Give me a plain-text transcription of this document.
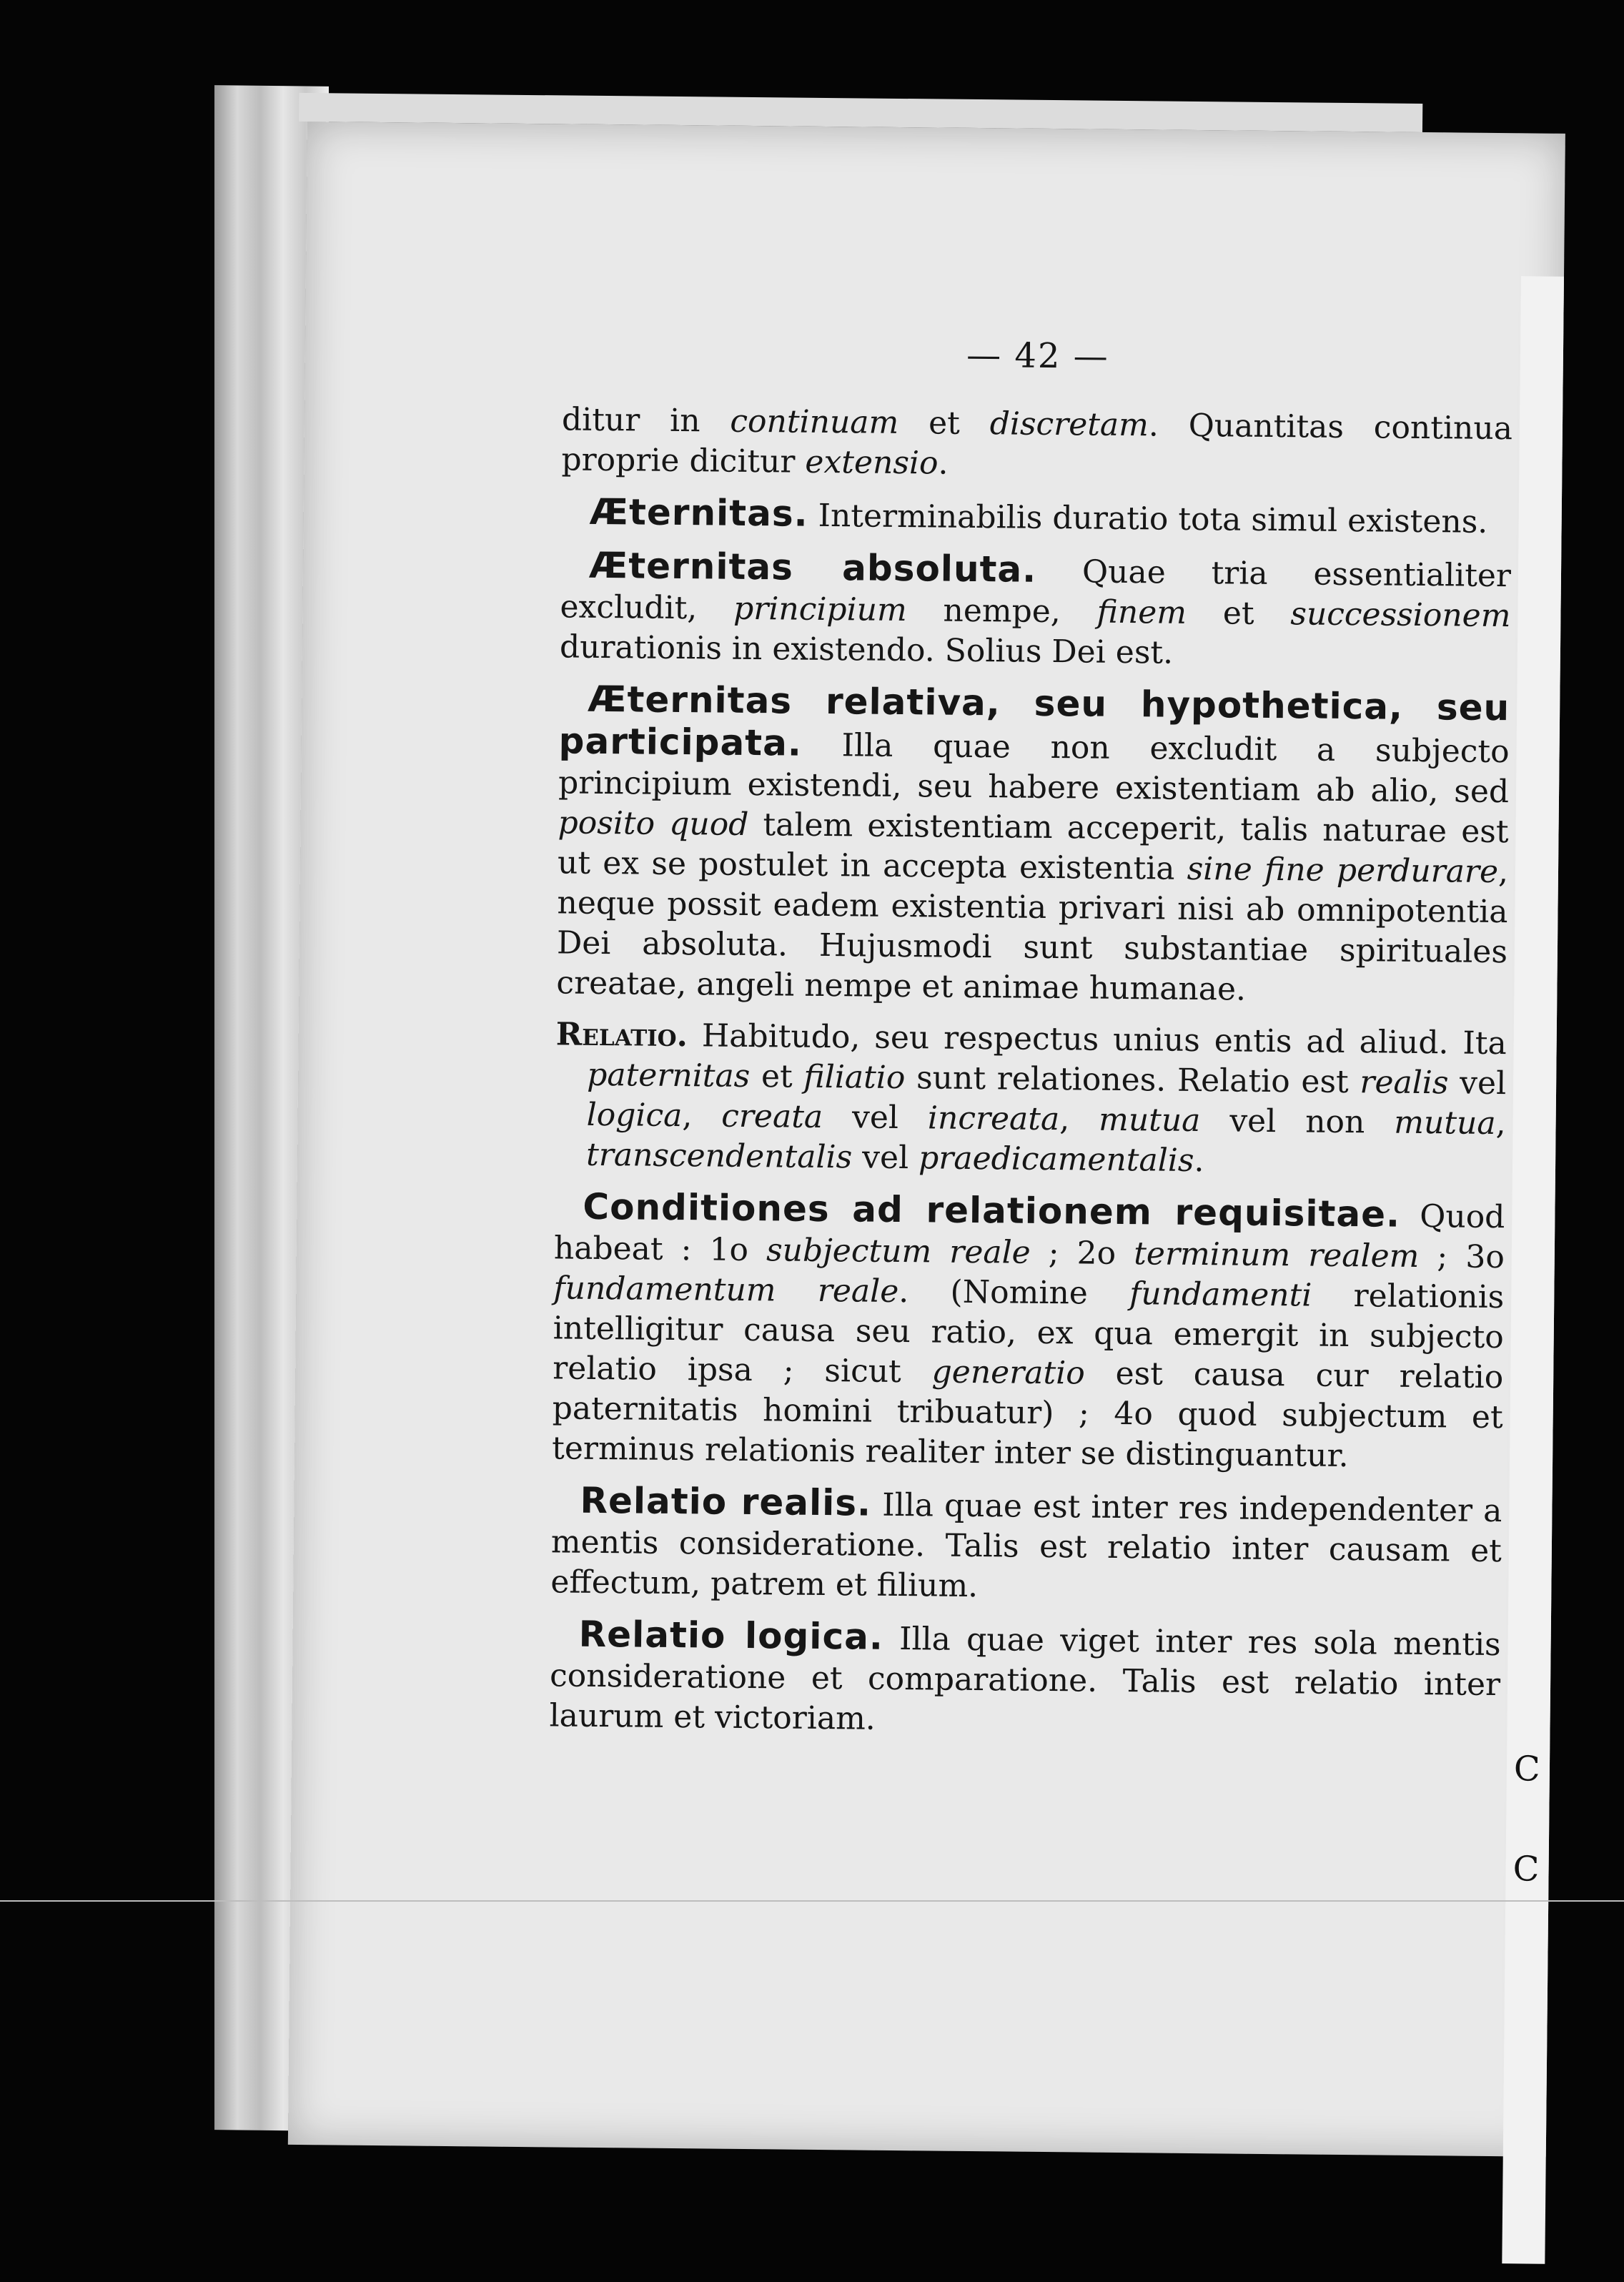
C
C
— 42 —

ditur in continuam et discretam. Quantitas continua proprie dicitur extensio.

Æternitas. Interminabilis duratio tota simul existens.

Æternitas absoluta. Quae tria essentialiter excludit, principium nempe, finem et successionem durationis in existendo. Solius Dei est.

Æternitas relativa, seu hypothetica, seu participata. Illa quae non excludit a subjecto principium existendi, seu habere existentiam ab alio, sed posito quod talem existentiam acceperit, talis naturae est ut ex se postulet in accepta existentia sine fine perdurare, neque possit eadem existentia privari nisi ab omnipotentia Dei absoluta. Hujusmodi sunt substantiae spirituales creatae, angeli nempe et animae humanae.

Relatio. Habitudo, seu respectus unius entis ad aliud. Ita paternitas et filiatio sunt relationes. Relatio est realis vel logica, creata vel increata, mutua vel non mutua, transcendentalis vel praedicamentalis.

Conditiones ad relationem requisitae. Quod habeat : 1o subjectum reale ; 2o terminum realem ; 3o fundamentum reale. (Nomine fundamenti relationis intelligitur causa seu ratio, ex qua emergit in subjecto relatio ipsa ; sicut generatio est causa cur relatio paternitatis homini tribuatur) ; 4o quod subjectum et terminus relationis realiter inter se distinguantur.

Relatio realis. Illa quae est inter res independenter a mentis consideratione. Talis est relatio inter causam et effectum, patrem et filium.

Relatio logica. Illa quae viget inter res sola mentis consideratione et comparatione. Talis est relatio inter laurum et victoriam.
